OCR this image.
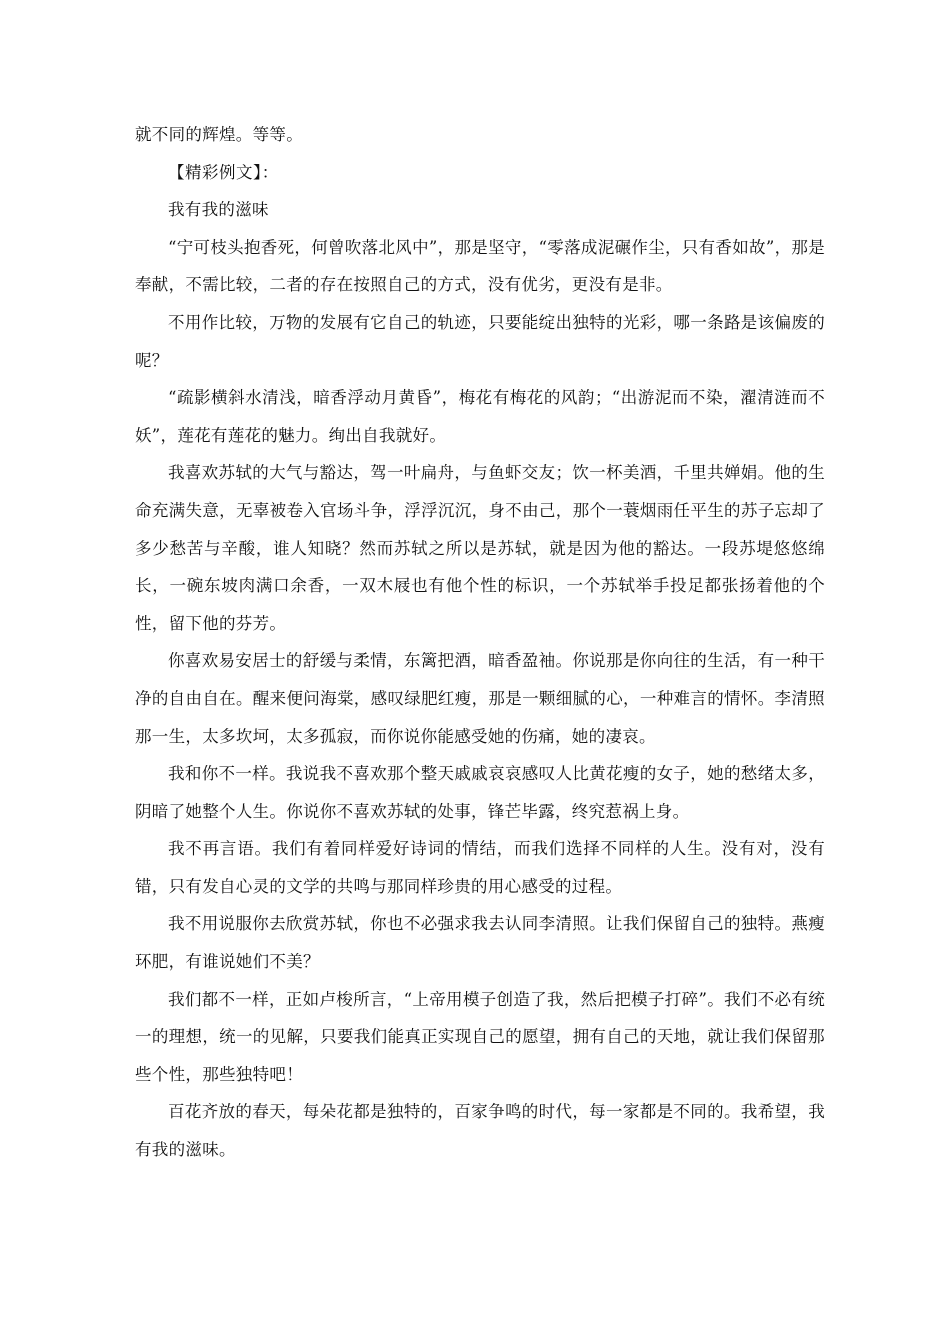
就不同的辉煌。等等。

【精彩例文】：

我有我的滋味

“宁可枝头抱香死，何曾吹落北风中”，那是坚守，“零落成泥碾作尘，只有香如故”，那是奉献，不需比较，二者的存在按照自己的方式，没有优劣，更没有是非。

不用作比较，万物的发展有它自己的轨迹，只要能绽出独特的光彩，哪一条路是该偏废的呢？

“疏影横斜水清浅，暗香浮动月黄昏”，梅花有梅花的风韵；“出游泥而不染，濯清涟而不妖”，莲花有莲花的魅力。绚出自我就好。

我喜欢苏轼的大气与豁达，驾一叶扁舟，与鱼虾交友；饮一杯美酒，千里共婵娟。他的生命充满失意，无辜被卷入官场斗争，浮浮沉沉，身不由己，那个一蓑烟雨任平生的苏子忘却了多少愁苦与辛酸，谁人知晓？然而苏轼之所以是苏轼，就是因为他的豁达。一段苏堤悠悠绵长，一碗东坡肉满口余香，一双木屐也有他个性的标识，一个苏轼举手投足都张扬着他的个性，留下他的芬芳。

你喜欢易安居士的舒缓与柔情，东篱把酒，暗香盈袖。你说那是你向往的生活，有一种干净的自由自在。醒来便问海棠，感叹绿肥红瘦，那是一颗细腻的心，一种难言的情怀。李清照那一生，太多坎坷，太多孤寂，而你说你能感受她的伤痛，她的凄哀。

我和你不一样。我说我不喜欢那个整天戚戚哀哀感叹人比黄花瘦的女子，她的愁绪太多，阴暗了她整个人生。你说你不喜欢苏轼的处事，锋芒毕露，终究惹祸上身。

我不再言语。我们有着同样爱好诗词的情结，而我们选择不同样的人生。没有对，没有错，只有发自心灵的文学的共鸣与那同样珍贵的用心感受的过程。

我不用说服你去欣赏苏轼，你也不必强求我去认同李清照。让我们保留自己的独特。燕瘦环肥，有谁说她们不美？

我们都不一样，正如卢梭所言，“上帝用模子创造了我，然后把模子打碎”。我们不必有统一的理想，统一的见解，只要我们能真正实现自己的愿望，拥有自己的天地，就让我们保留那些个性，那些独特吧！

百花齐放的春天，每朵花都是独特的，百家争鸣的时代，每一家都是不同的。我希望，我有我的滋味。
